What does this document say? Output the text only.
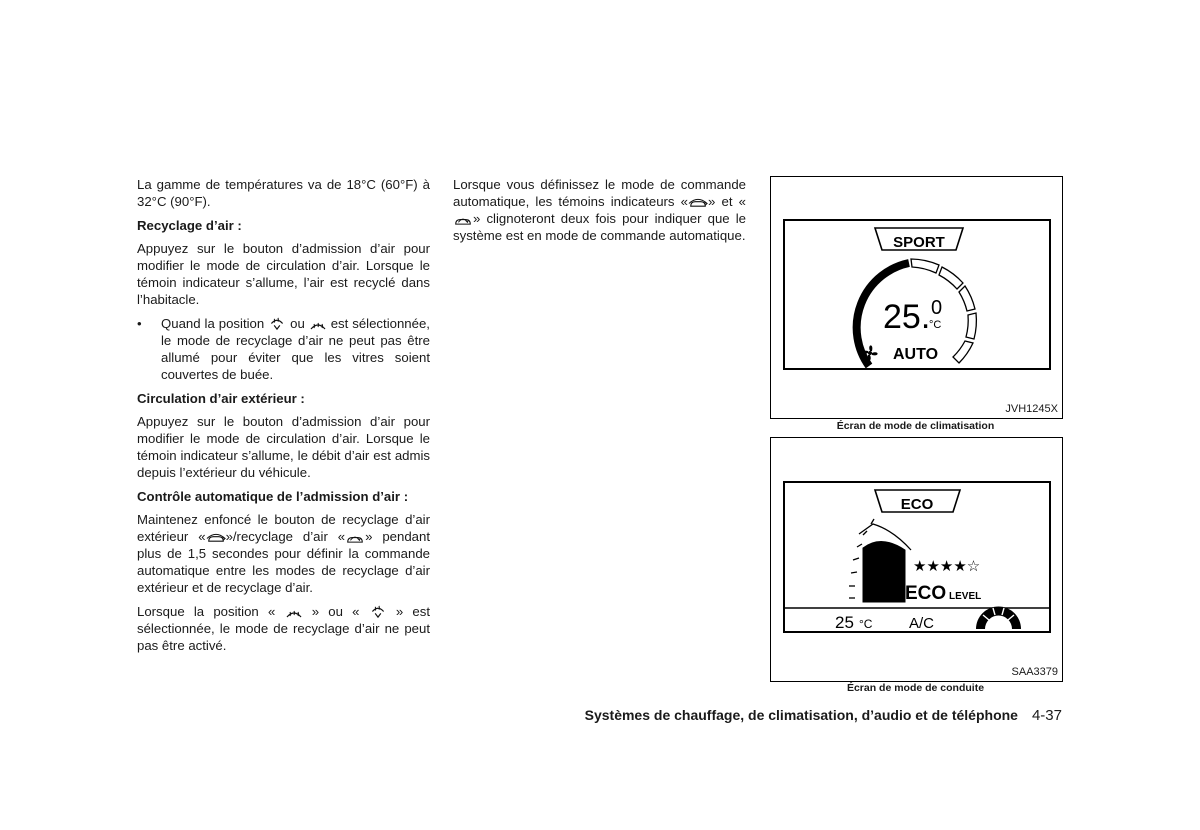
La gamme de températures va de 18°C (60°F) à 32°C (90°F).

Recyclage d’air :

Appuyez sur le bouton d’admission d’air pour modifier le mode de circulation d’air. Lorsque le témoin indicateur s’allume, l’air est recyclé dans l’habitacle.

•	Quand la position ou est sélectionnée, le mode de recyclage d’air ne peut pas être allumé pour éviter que les vitres soient couvertes de buée.
Circulation d’air extérieur :

Appuyez sur le bouton d’admission d’air pour modifier le mode de circulation d’air. Lorsque le témoin indicateur s’allume, le débit d’air est admis depuis l’extérieur du véhicule.

Contrôle automatique de l’admission d’air :

Maintenez enfoncé le bouton de recyclage d’air extérieur « »/recyclage d’air « » pendant plus de 1,5 secondes pour définir la commande automatique entre les modes de recyclage d’air extérieur et de recyclage d’air.

Lorsque la position «	» ou «	» est sélectionnée, le mode de recyclage d’air ne peut pas être activé.

Lorsque vous définissez le mode de commande automatique, les témoins indicateurs « » et «» clignoteront deux fois pour indiquer que le système est en mode de commande automatique.	SPORT
25. 0
°C
AUTO
JVH1245X
Écran de mode de climatisation
ECO
★★★★☆
ECO LEVEL
25 °C A/C
SAA3379
Écran de mode de conduite
Systèmes de chauffage, de climatisation, d’audio et de téléphone 4-37
